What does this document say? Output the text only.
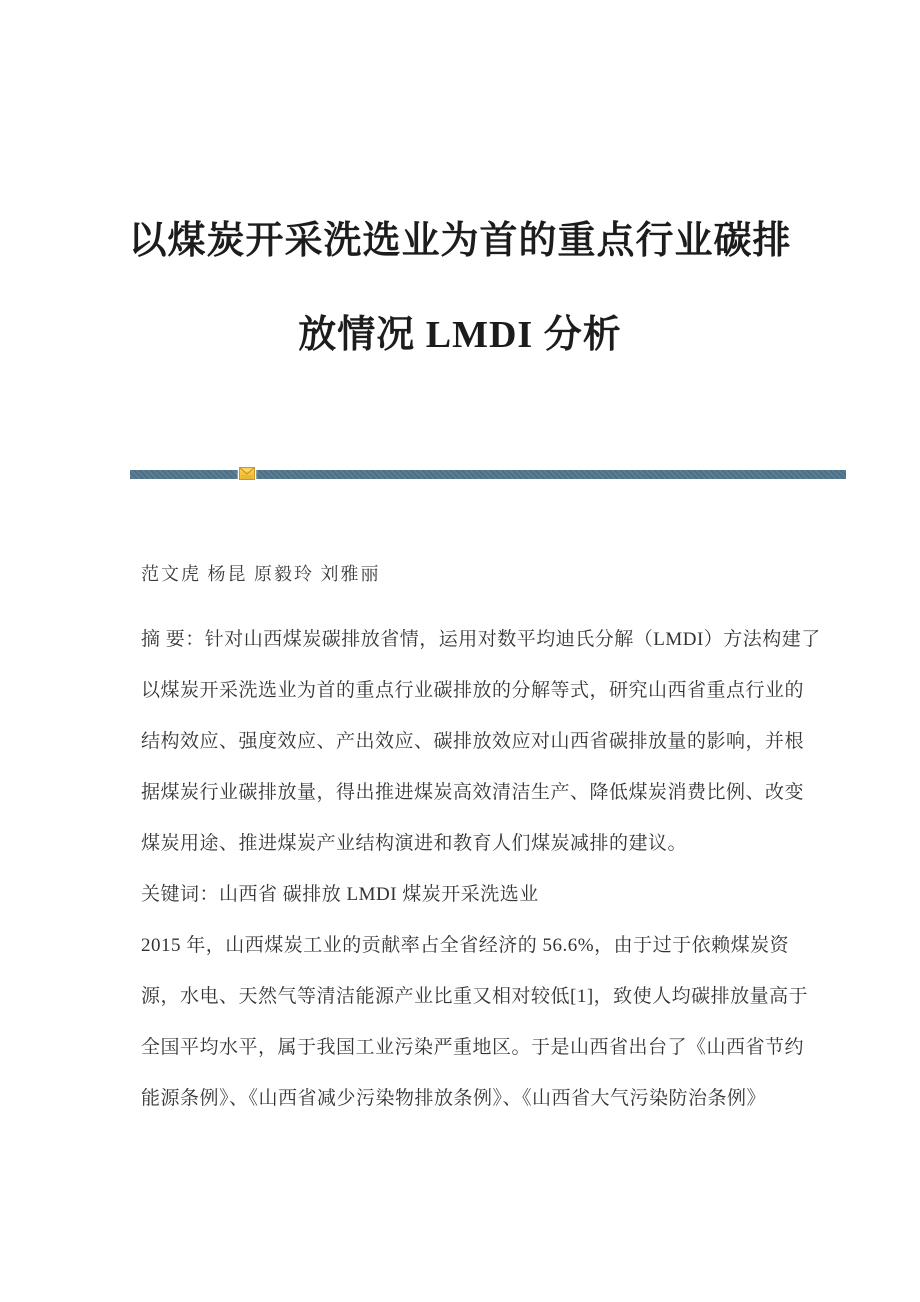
以煤炭开采洗选业为首的重点行业碳排
放情况 LMDI 分析
范文虎 杨昆 原毅玲 刘雅丽
摘 要：针对山西煤炭碳排放省情，运用对数平均迪氏分解（LMDI）方法构建了
以煤炭开采洗选业为首的重点行业碳排放的分解等式，研究山西省重点行业的
结构效应、强度效应、产出效应、碳排放效应对山西省碳排放量的影响，并根
据煤炭行业碳排放量，得出推进煤炭高效清洁生产、降低煤炭消费比例、改变
煤炭用途、推进煤炭产业结构演进和教育人们煤炭减排的建议。
关键词：山西省 碳排放 LMDI 煤炭开采洗选业
2015 年，山西煤炭工业的贡献率占全省经济的 56.6%，由于过于依赖煤炭资
源，水电、天然气等清洁能源产业比重又相对较低[1]，致使人均碳排放量高于
全国平均水平，属于我国工业污染严重地区。于是山西省出台了《山西省节约
能源条例》、《山西省减少污染物排放条例》、《山西省大气污染防治条例》
